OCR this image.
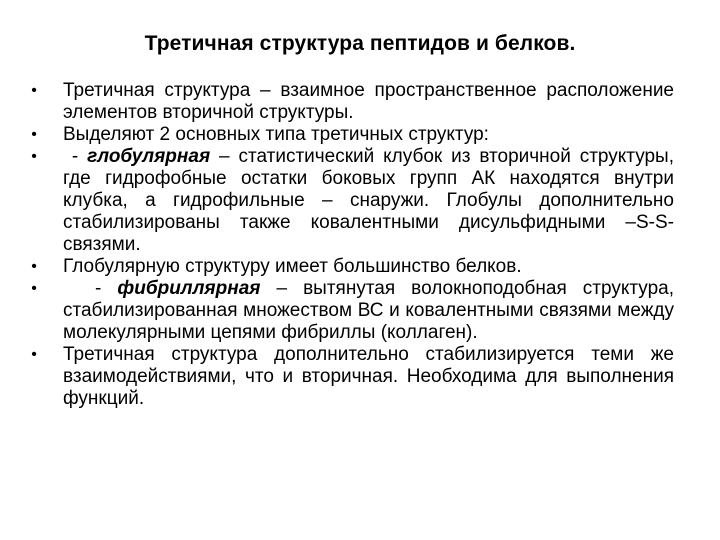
Третичная структура пептидов и белков.
• Третичная структура – взаимное пространственное расположение элементов вторичной структуры.
• Выделяют 2 основных типа третичных структур:
• - глобулярная – статистический клубок из вторичной структуры, где гидрофобные остатки боковых групп АК находятся внутри клубка, а гидрофильные – снаружи. Глобулы дополнительно стабилизированы также ковалентными дисульфидными –S-S- связями.
• Глобулярную структуру имеет большинство белков.
• - фибриллярная – вытянутая волокноподобная структура, стабилизированная множеством ВС и ковалентными связями между молекулярными цепями фибриллы (коллаген).
• Третичная структура дополнительно стабилизируется теми же взаимодействиями, что и вторичная. Необходима для выполнения функций.
